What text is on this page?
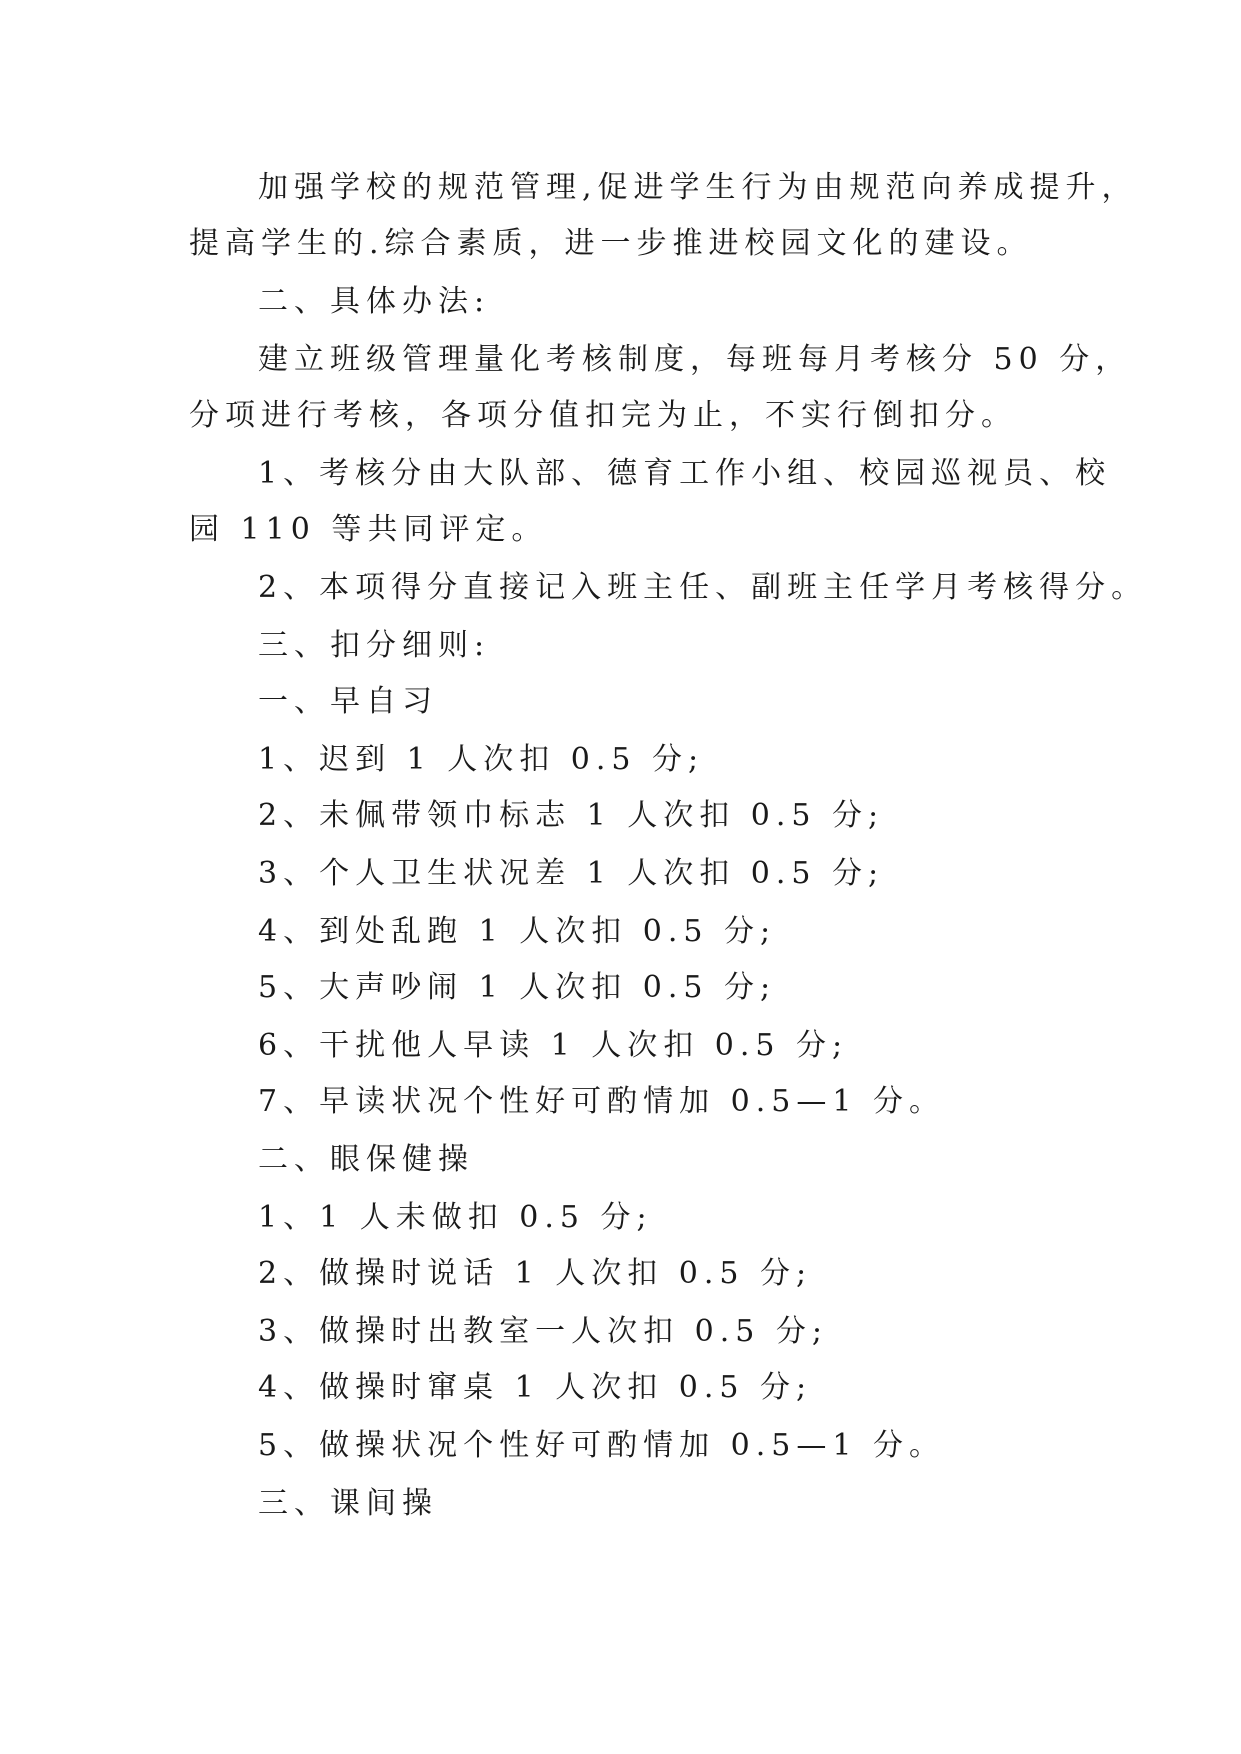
加强学校的规范管理,促进学生行为由规范向养成提升，
提高学生的.综合素质，进一步推进校园文化的建设。
二、具体办法:
建立班级管理量化考核制度，每班每月考核分 50 分，
分项进行考核，各项分值扣完为止，不实行倒扣分。
1、考核分由大队部、德育工作小组、校园巡视员、校
园 110 等共同评定。
2、本项得分直接记入班主任、副班主任学月考核得分。
三、扣分细则:
一、早自习
1、迟到 1 人次扣 0.5 分;
2、未佩带领巾标志 1 人次扣 0.5 分;
3、个人卫生状况差 1 人次扣 0.5 分;
4、到处乱跑 1 人次扣 0.5 分;
5、大声吵闹 1 人次扣 0.5 分;
6、干扰他人早读 1 人次扣 0.5 分;
7、早读状况个性好可酌情加 0.5—1 分。
二、眼保健操
1、1 人未做扣 0.5 分;
2、做操时说话 1 人次扣 0.5 分;
3、做操时出教室一人次扣 0.5 分;
4、做操时窜桌 1 人次扣 0.5 分;
5、做操状况个性好可酌情加 0.5—1 分。
三、课间操
